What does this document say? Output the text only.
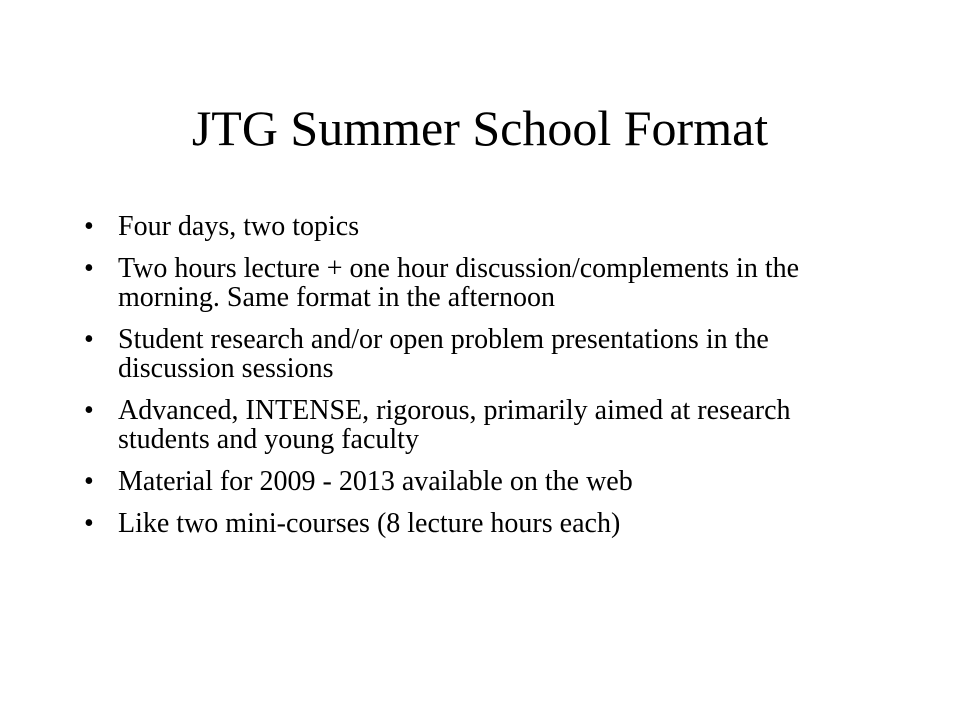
JTG Summer School Format
• Four days, two topics
• Two hours lecture + one hour discussion/complements in the morning. Same format in the afternoon
• Student research and/or open problem presentations in the discussion sessions
• Advanced, INTENSE, rigorous, primarily aimed at research students and young faculty
• Material for 2009 - 2013 available on the web
• Like two mini-courses (8 lecture hours each)
